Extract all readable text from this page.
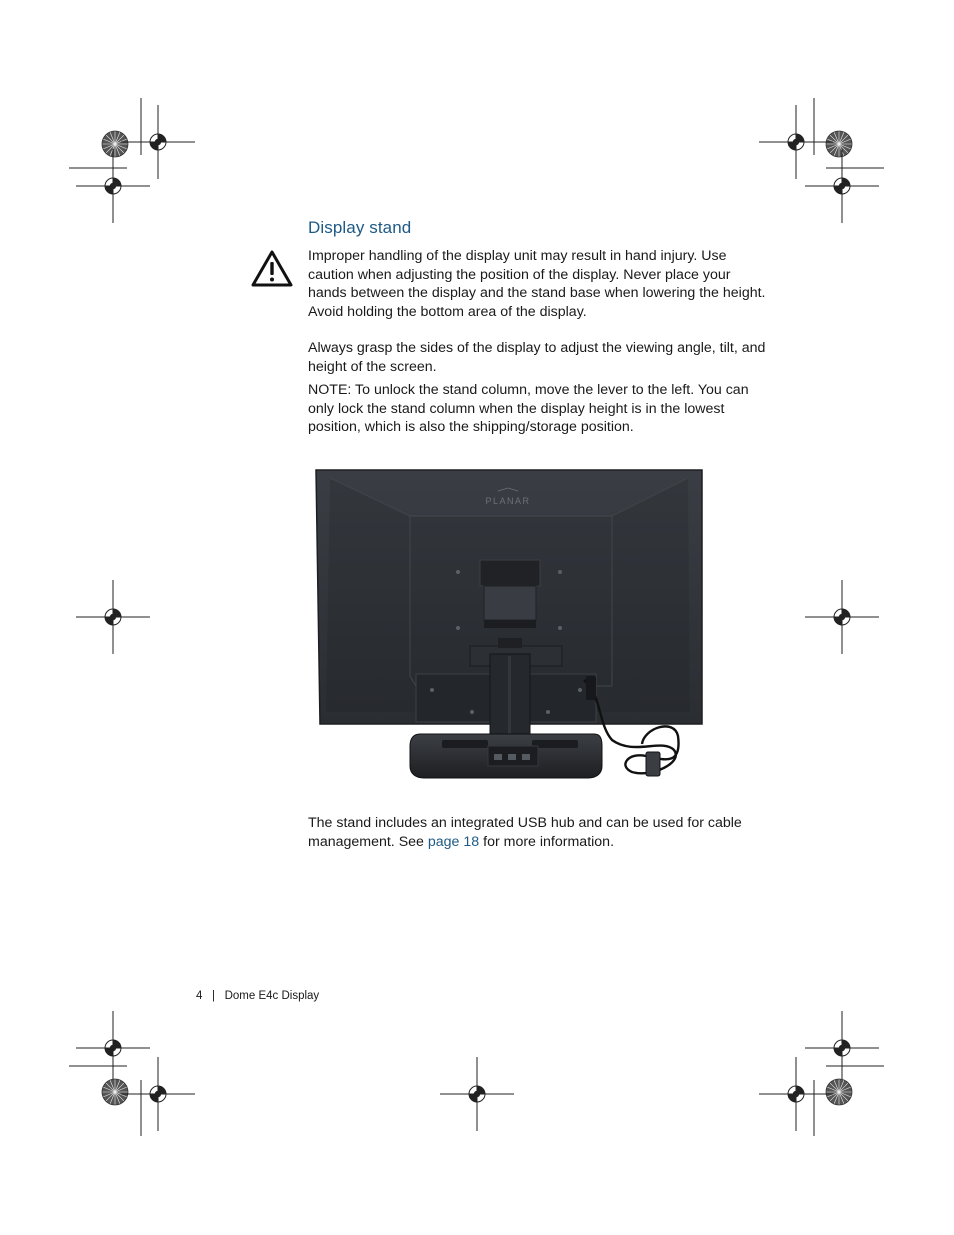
Display stand

Improper handling of the display unit may result in hand injury. Use caution when adjusting the position of the display. Never place your hands between the display and the stand base when lowering the height. Avoid holding the bottom area of the display.

Always grasp the sides of the display to adjust the viewing angle, tilt, and height of the screen.

NOTE: To unlock the stand column, move the lever to the left. You can only lock the stand column when the display height is in the lowest position, which is also the shipping/storage position.

PLANAR

The stand includes an integrated USB hub and can be used for cable management. See page 18 for more information.

4 | Dome E4c Display
